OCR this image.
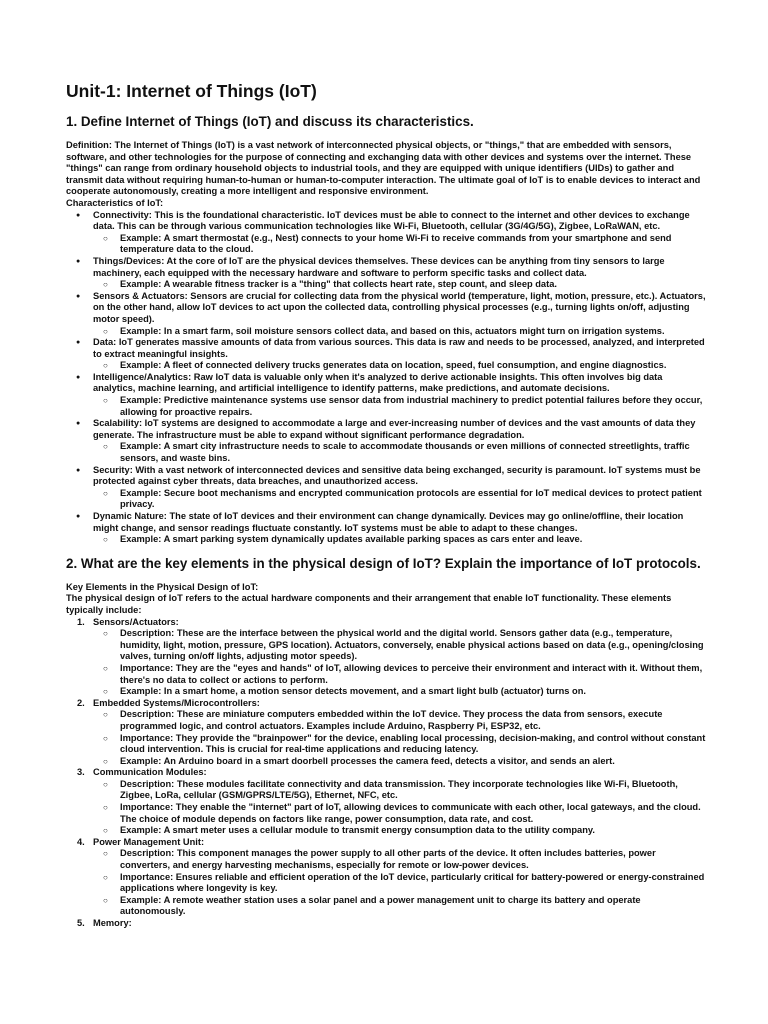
Unit-1: Internet of Things (IoT)
1. Define Internet of Things (IoT) and discuss its characteristics.

Definition: The Internet of Things (IoT) is a vast network of interconnected physical objects, or "things," that are embedded with sensors, software, and other technologies for the purpose of connecting and exchanging data with other devices and systems over the internet. These "things" can range from ordinary household objects to industrial tools, and they are equipped with unique identifiers (UIDs) to gather and transmit data without requiring human-to-human or human-to-computer interaction. The ultimate goal of IoT is to enable devices to interact and cooperate autonomously, creating a more intelligent and responsive environment.

Characteristics of IoT:

● Connectivity: This is the foundational characteristic. IoT devices must be able to connect to the internet and other devices to exchange data. This can be through various communication technologies like Wi-Fi, Bluetooth, cellular (3G/4G/5G), Zigbee, LoRaWAN, etc.
○ Example: A smart thermostat (e.g., Nest) connects to your home Wi-Fi to receive commands from your smartphone and send temperature data to the cloud.
● Things/Devices: At the core of IoT are the physical devices themselves. These devices can be anything from tiny sensors to large machinery, each equipped with the necessary hardware and software to perform specific tasks and collect data.
○ Example: A wearable fitness tracker is a "thing" that collects heart rate, step count, and sleep data.
● Sensors & Actuators: Sensors are crucial for collecting data from the physical world (temperature, light, motion, pressure, etc.). Actuators, on the other hand, allow IoT devices to act upon the collected data, controlling physical processes (e.g., turning lights on/off, adjusting motor speed).
○ Example: In a smart farm, soil moisture sensors collect data, and based on this, actuators might turn on irrigation systems.
● Data: IoT generates massive amounts of data from various sources. This data is raw and needs to be processed, analyzed, and interpreted to extract meaningful insights.
○ Example: A fleet of connected delivery trucks generates data on location, speed, fuel consumption, and engine diagnostics.
● Intelligence/Analytics: Raw IoT data is valuable only when it's analyzed to derive actionable insights. This often involves big data analytics, machine learning, and artificial intelligence to identify patterns, make predictions, and automate decisions.
○ Example: Predictive maintenance systems use sensor data from industrial machinery to predict potential failures before they occur, allowing for proactive repairs.
● Scalability: IoT systems are designed to accommodate a large and ever-increasing number of devices and the vast amounts of data they generate. The infrastructure must be able to expand without significant performance degradation.
○ Example: A smart city infrastructure needs to scale to accommodate thousands or even millions of connected streetlights, traffic sensors, and waste bins.
● Security: With a vast network of interconnected devices and sensitive data being exchanged, security is paramount. IoT systems must be protected against cyber threats, data breaches, and unauthorized access.
○ Example: Secure boot mechanisms and encrypted communication protocols are essential for IoT medical devices to protect patient privacy.
● Dynamic Nature: The state of IoT devices and their environment can change dynamically. Devices may go online/offline, their location might change, and sensor readings fluctuate constantly. IoT systems must be able to adapt to these changes.
○ Example: A smart parking system dynamically updates available parking spaces as cars enter and leave.
2. What are the key elements in the physical design of IoT? Explain the importance of IoT protocols.

Key Elements in the Physical Design of IoT:

The physical design of IoT refers to the actual hardware components and their arrangement that enable IoT functionality. These elements typically include:

1. Sensors/Actuators:
○ Description: These are the interface between the physical world and the digital world. Sensors gather data (e.g., temperature, humidity, light, motion, pressure, GPS location). Actuators, conversely, enable physical actions based on data (e.g., opening/closing valves, turning on/off lights, adjusting motor speeds).
○ Importance: They are the "eyes and hands" of IoT, allowing devices to perceive their environment and interact with it. Without them, there's no data to collect or actions to perform.
○ Example: In a smart home, a motion sensor detects movement, and a smart light bulb (actuator) turns on.
2. Embedded Systems/Microcontrollers:
○ Description: These are miniature computers embedded within the IoT device. They process the data from sensors, execute programmed logic, and control actuators. Examples include Arduino, Raspberry Pi, ESP32, etc.
○ Importance: They provide the "brainpower" for the device, enabling local processing, decision-making, and control without constant cloud intervention. This is crucial for real-time applications and reducing latency.
○ Example: An Arduino board in a smart doorbell processes the camera feed, detects a visitor, and sends an alert.
3. Communication Modules:
○ Description: These modules facilitate connectivity and data transmission. They incorporate technologies like Wi-Fi, Bluetooth, Zigbee, LoRa, cellular (GSM/GPRS/LTE/5G), Ethernet, NFC, etc.
○ Importance: They enable the "internet" part of IoT, allowing devices to communicate with each other, local gateways, and the cloud. The choice of module depends on factors like range, power consumption, data rate, and cost.
○ Example: A smart meter uses a cellular module to transmit energy consumption data to the utility company.
4. Power Management Unit:
○ Description: This component manages the power supply to all other parts of the device. It often includes batteries, power converters, and energy harvesting mechanisms, especially for remote or low-power devices.
○ Importance: Ensures reliable and efficient operation of the IoT device, particularly critical for battery-powered or energy-constrained applications where longevity is key.
○ Example: A remote weather station uses a solar panel and a power management unit to charge its battery and operate autonomously.
5. Memory:
